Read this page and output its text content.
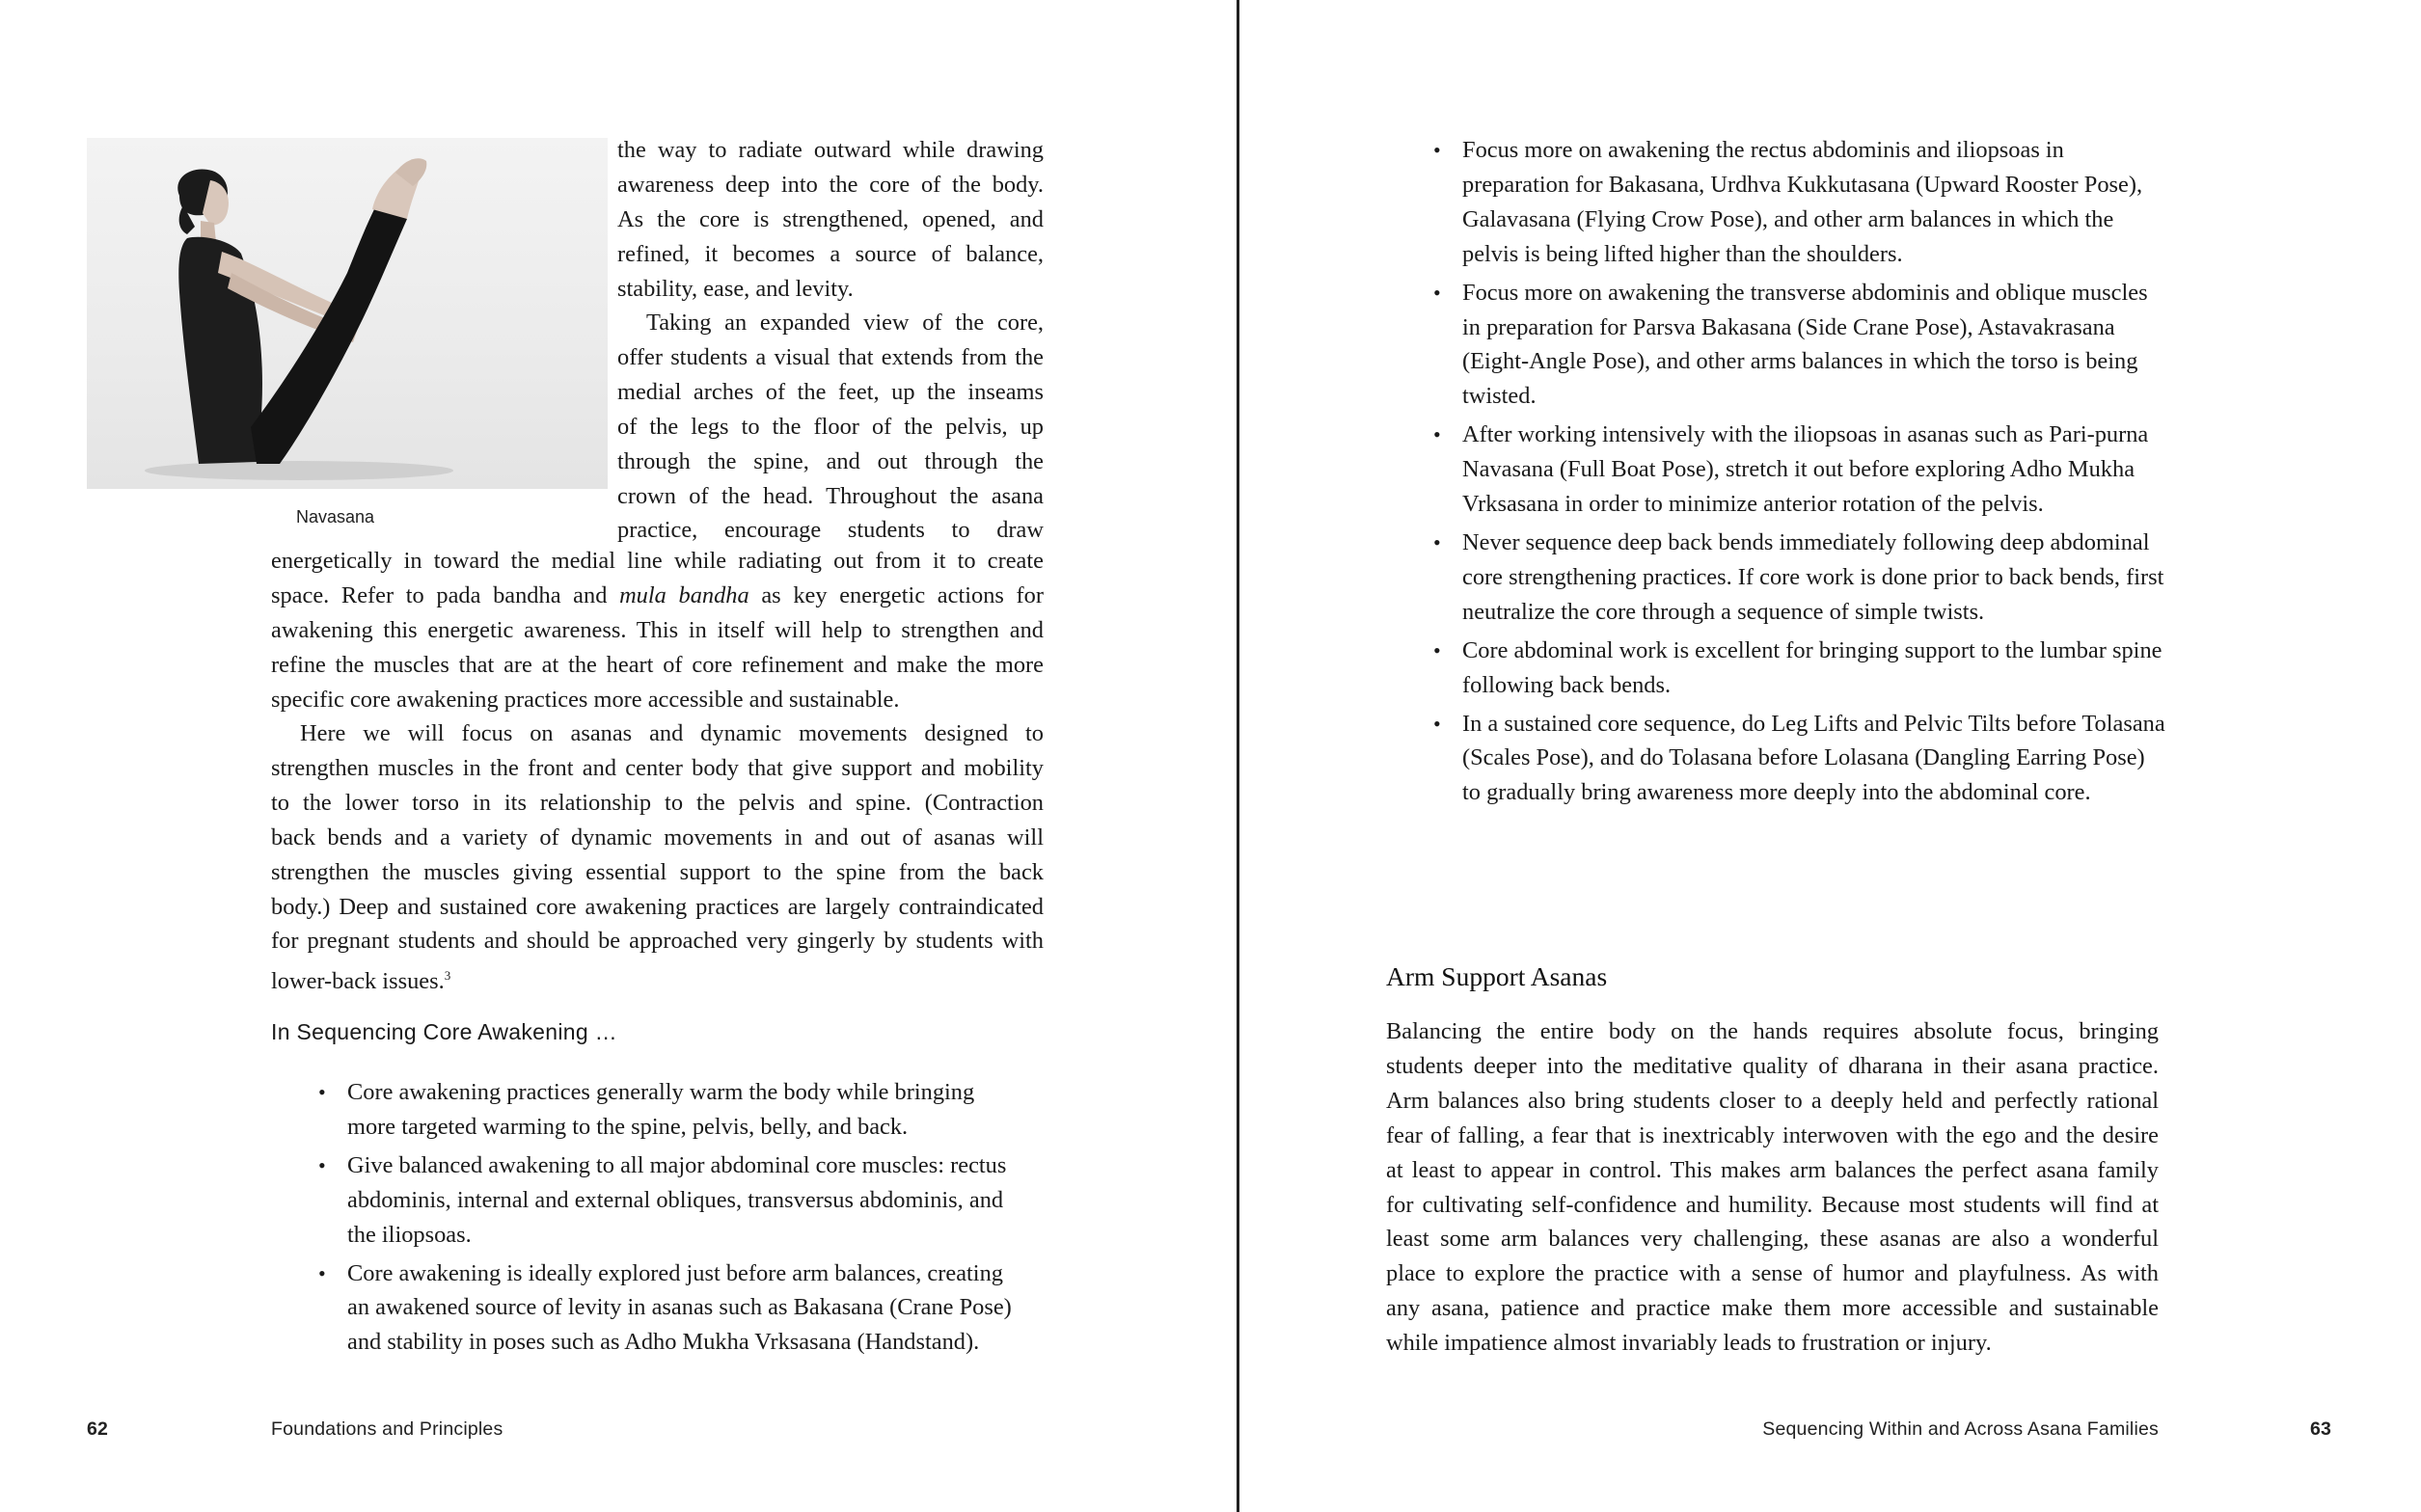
Navasana

the way to radiate outward while drawing
awareness deep into the core of the body.
As the core is strengthened, opened, and
refined, it becomes a source of balance,
stability, ease, and levity.

Taking an expanded view of the core,
offer students a visual that extends from the
medial arches of the feet, up the inseams
of the legs to the floor of the pelvis, up
through the spine, and out through the
crown of the head. Throughout the asana
practice, encourage students to draw

energetically in toward the medial line while radiating out from it to create
space. Refer to pada bandha and mula bandha as key energetic actions for
awakening this energetic awareness. This in itself will help to strengthen and
refine the muscles that are at the heart of core refinement and make the more
specific core awakening practices more accessible and sustainable.

Here we will focus on asanas and dynamic movements designed to
strengthen muscles in the front and center body that give support and mobility
to the lower torso in its relationship to the pelvis and spine. (Contraction
back bends and a variety of dynamic movements in and out of asanas will
strengthen the muscles giving essential support to the spine from the back
body.) Deep and sustained core awakening practices are largely contraindicated
for pregnant students and should be approached very gingerly by students with
lower-back issues.$^3$

In Sequencing Core Awakening …
• Core awakening practices generally warm the body while bringing more targeted warming to the spine, pelvis, belly, and back.
• Give balanced awakening to all major abdominal core muscles: rectus abdominis, internal and external obliques, transversus abdominis, and the iliopsoas.
• Core awakening is ideally explored just before arm balances, creating an awakened source of levity in asanas such as Bakasana (Crane Pose) and stability in poses such as Adho Mukha Vrksasana (Handstand).
62	Foundations and Principles
• Focus more on awakening the rectus abdominis and iliopsoas in preparation for Bakasana, Urdhva Kukkutasana (Upward Rooster Pose), Galavasana (Flying Crow Pose), and other arm balances in which the pelvis is being lifted higher than the shoulders.
• Focus more on awakening the transverse abdominis and oblique muscles in preparation for Parsva Bakasana (Side Crane Pose), Astavakrasana (Eight-Angle Pose), and other arms balances in which the torso is being twisted.
• After working intensively with the iliopsoas in asanas such as Pari-purna Navasana (Full Boat Pose), stretch it out before exploring Adho Mukha Vrksasana in order to minimize anterior rotation of the pelvis.
• Never sequence deep back bends immediately following deep abdominal core strengthening practices. If core work is done prior to back bends, first neutralize the core through a sequence of simple twists.
• Core abdominal work is excellent for bringing support to the lumbar spine following back bends.
• In a sustained core sequence, do Leg Lifts and Pelvic Tilts before Tolasana (Scales Pose), and do Tolasana before Lolasana (Dangling Earring Pose) to gradually bring awareness more deeply into the abdominal core.
Arm Support Asanas

Balancing the entire body on the hands requires absolute focus, bringing
students deeper into the meditative quality of dharana in their asana practice.
Arm balances also bring students closer to a deeply held and perfectly rational
fear of falling, a fear that is inextricably interwoven with the ego and the desire
at least to appear in control. This makes arm balances the perfect asana family
for cultivating self-confidence and humility. Because most students will find at
least some arm balances very challenging, these asanas are also a wonderful
place to explore the practice with a sense of humor and playfulness. As with
any asana, patience and practice make them more accessible and sustainable
while impatience almost invariably leads to frustration or injury.

Sequencing Within and Across Asana Families	63
